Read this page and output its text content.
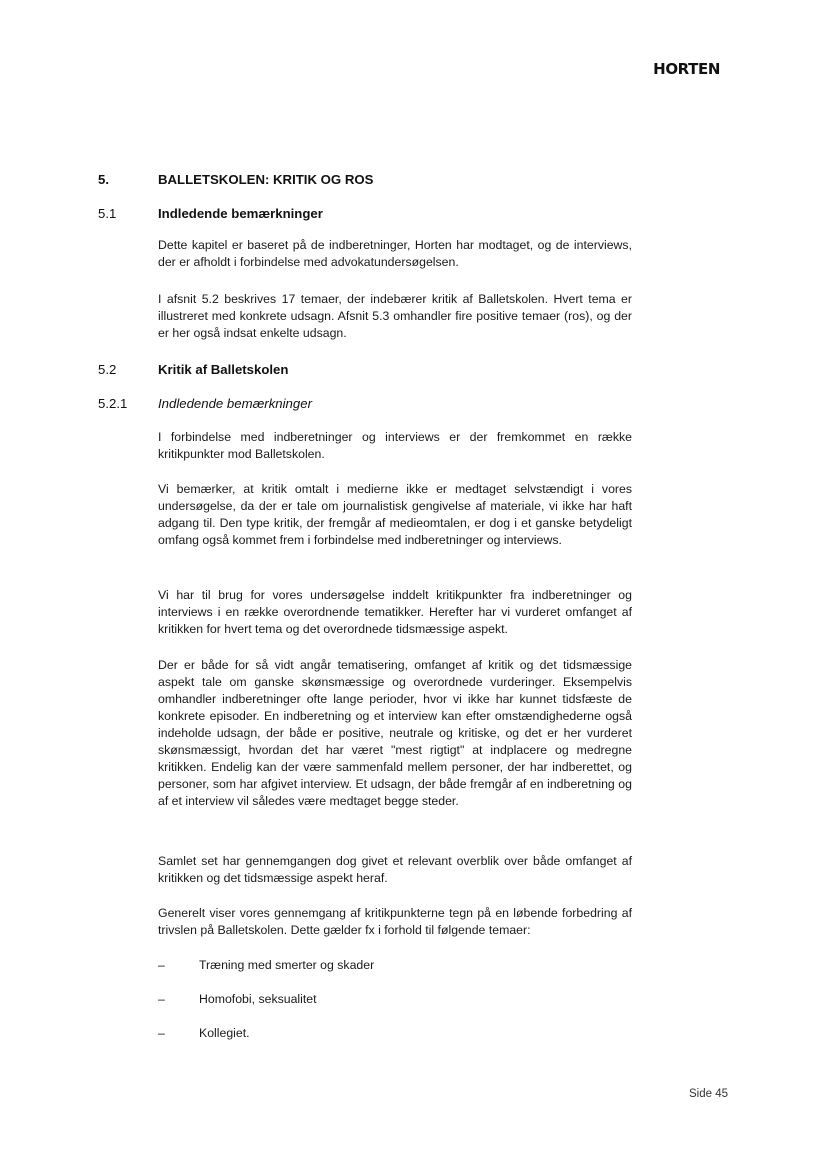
HORTEN
5.	BALLETSKOLEN: KRITIK OG ROS
5.1	Indledende bemærkninger

Dette kapitel er baseret på de indberetninger, Horten har modtaget, og de interviews, der er afholdt i forbindelse med advokatundersøgelsen.

I afsnit 5.2 beskrives 17 temaer, der indebærer kritik af Balletskolen. Hvert tema er illustreret med konkrete udsagn. Afsnit 5.3 omhandler fire positive temaer (ros), og der er her også indsat enkelte udsagn.

5.2	Kritik af Balletskolen
5.2.1	Indledende bemærkninger

I forbindelse med indberetninger og interviews er der fremkommet en række kritikpunkter mod Balletskolen.

Vi bemærker, at kritik omtalt i medierne ikke er medtaget selvstændigt i vores undersøgelse, da der er tale om journalistisk gengivelse af materiale, vi ikke har haft adgang til. Den type kritik, der fremgår af medieomtalen, er dog i et ganske betydeligt omfang også kommet frem i forbindelse med indberetninger og interviews.

Vi har til brug for vores undersøgelse inddelt kritikpunkter fra indberetninger og interviews i en række overordnende tematikker. Herefter har vi vurderet omfanget af kritikken for hvert tema og det overordnede tidsmæssige aspekt.

Der er både for så vidt angår tematisering, omfanget af kritik og det tidsmæssige aspekt tale om ganske skønsmæssige og overordnede vurderinger. Eksempelvis omhandler indberetninger ofte lange perioder, hvor vi ikke har kunnet tidsfæste de konkrete episoder. En indberetning og et interview kan efter omstændighederne også indeholde udsagn, der både er positive, neutrale og kritiske, og det er her vurderet skønsmæssigt, hvordan det har været "mest rigtigt" at indplacere og medregne kritikken. Endelig kan der være sammenfald mellem personer, der har indberettet, og personer, som har afgivet interview. Et udsagn, der både fremgår af en indberetning og af et interview vil således være medtaget begge steder.

Samlet set har gennemgangen dog givet et relevant overblik over både omfanget af kritikken og det tidsmæssige aspekt heraf.

Generelt viser vores gennemgang af kritikpunkterne tegn på en løbende forbedring af trivslen på Balletskolen. Dette gælder fx i forhold til følgende temaer:

–	Træning med smerter og skader
–	Homofobi, seksualitet
–	Kollegiet.
Side 45
